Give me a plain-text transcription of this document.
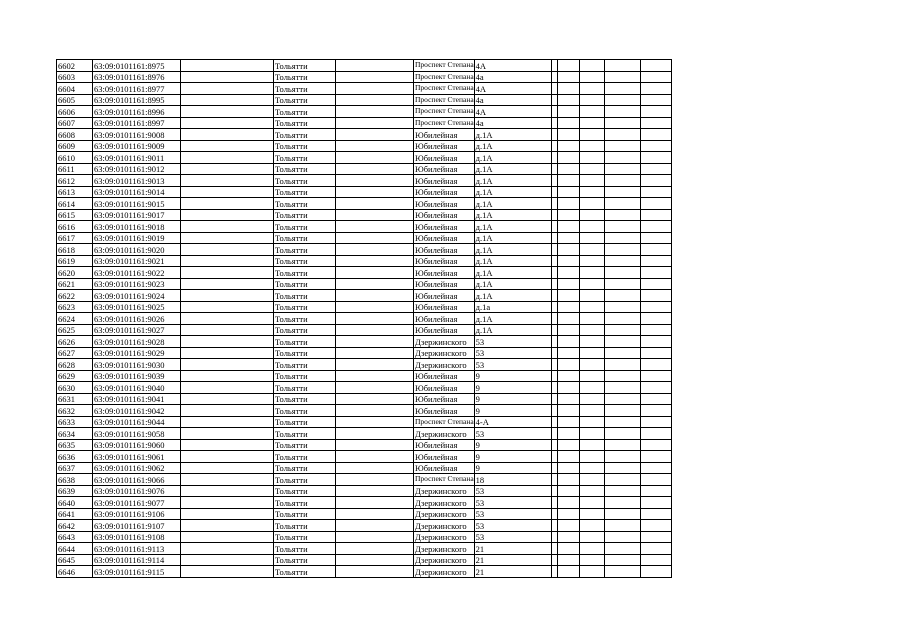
6602	63:09:0101161:8975		Тольятти		Проспект Степана	4А					
6603	63:09:0101161:8976		Тольятти		Проспект Степана	4а					
6604	63:09:0101161:8977		Тольятти		Проспект Степана	4А					
6605	63:09:0101161:8995		Тольятти		Проспект Степана	4а					
6606	63:09:0101161:8996		Тольятти		Проспект Степана	4А					
6607	63:09:0101161:8997		Тольятти		Проспект Степана	4а					
6608	63:09:0101161:9008		Тольятти		Юбилейная	д.1А					
6609	63:09:0101161:9009		Тольятти		Юбилейная	д.1А					
6610	63:09:0101161:9011		Тольятти		Юбилейная	д.1А					
6611	63:09:0101161:9012		Тольятти		Юбилейная	д.1А					
6612	63:09:0101161:9013		Тольятти		Юбилейная	д.1А					
6613	63:09:0101161:9014		Тольятти		Юбилейная	д.1А					
6614	63:09:0101161:9015		Тольятти		Юбилейная	д.1А					
6615	63:09:0101161:9017		Тольятти		Юбилейная	д.1А					
6616	63:09:0101161:9018		Тольятти		Юбилейная	д.1А					
6617	63:09:0101161:9019		Тольятти		Юбилейная	д.1А					
6618	63:09:0101161:9020		Тольятти		Юбилейная	д.1А					
6619	63:09:0101161:9021		Тольятти		Юбилейная	д.1А					
6620	63:09:0101161:9022		Тольятти		Юбилейная	д.1А					
6621	63:09:0101161:9023		Тольятти		Юбилейная	д.1А					
6622	63:09:0101161:9024		Тольятти		Юбилейная	д.1А					
6623	63:09:0101161:9025		Тольятти		Юбилейная	д.1а					
6624	63:09:0101161:9026		Тольятти		Юбилейная	д.1А					
6625	63:09:0101161:9027		Тольятти		Юбилейная	д.1А					
6626	63:09:0101161:9028		Тольятти		Дзержинского	53					
6627	63:09:0101161:9029		Тольятти		Дзержинского	53					
6628	63:09:0101161:9030		Тольятти		Дзержинского	53					
6629	63:09:0101161:9039		Тольятти		Юбилейная	9					
6630	63:09:0101161:9040		Тольятти		Юбилейная	9					
6631	63:09:0101161:9041		Тольятти		Юбилейная	9					
6632	63:09:0101161:9042		Тольятти		Юбилейная	9					
6633	63:09:0101161:9044		Тольятти		Проспект Степана	4-А					
6634	63:09:0101161:9058		Тольятти		Дзержинского	53					
6635	63:09:0101161:9060		Тольятти		Юбилейная	9					
6636	63:09:0101161:9061		Тольятти		Юбилейная	9					
6637	63:09:0101161:9062		Тольятти		Юбилейная	9					
6638	63:09:0101161:9066		Тольятти		Проспект Степана	18					
6639	63:09:0101161:9076		Тольятти		Дзержинского	53					
6640	63:09:0101161:9077		Тольятти		Дзержинского	53					
6641	63:09:0101161:9106		Тольятти		Дзержинского	53					
6642	63:09:0101161:9107		Тольятти		Дзержинского	53					
6643	63:09:0101161:9108		Тольятти		Дзержинского	53					
6644	63:09:0101161:9113		Тольятти		Дзержинского	21					
6645	63:09:0101161:9114		Тольятти		Дзержинского	21					
6646	63:09:0101161:9115		Тольятти		Дзержинского	21					
